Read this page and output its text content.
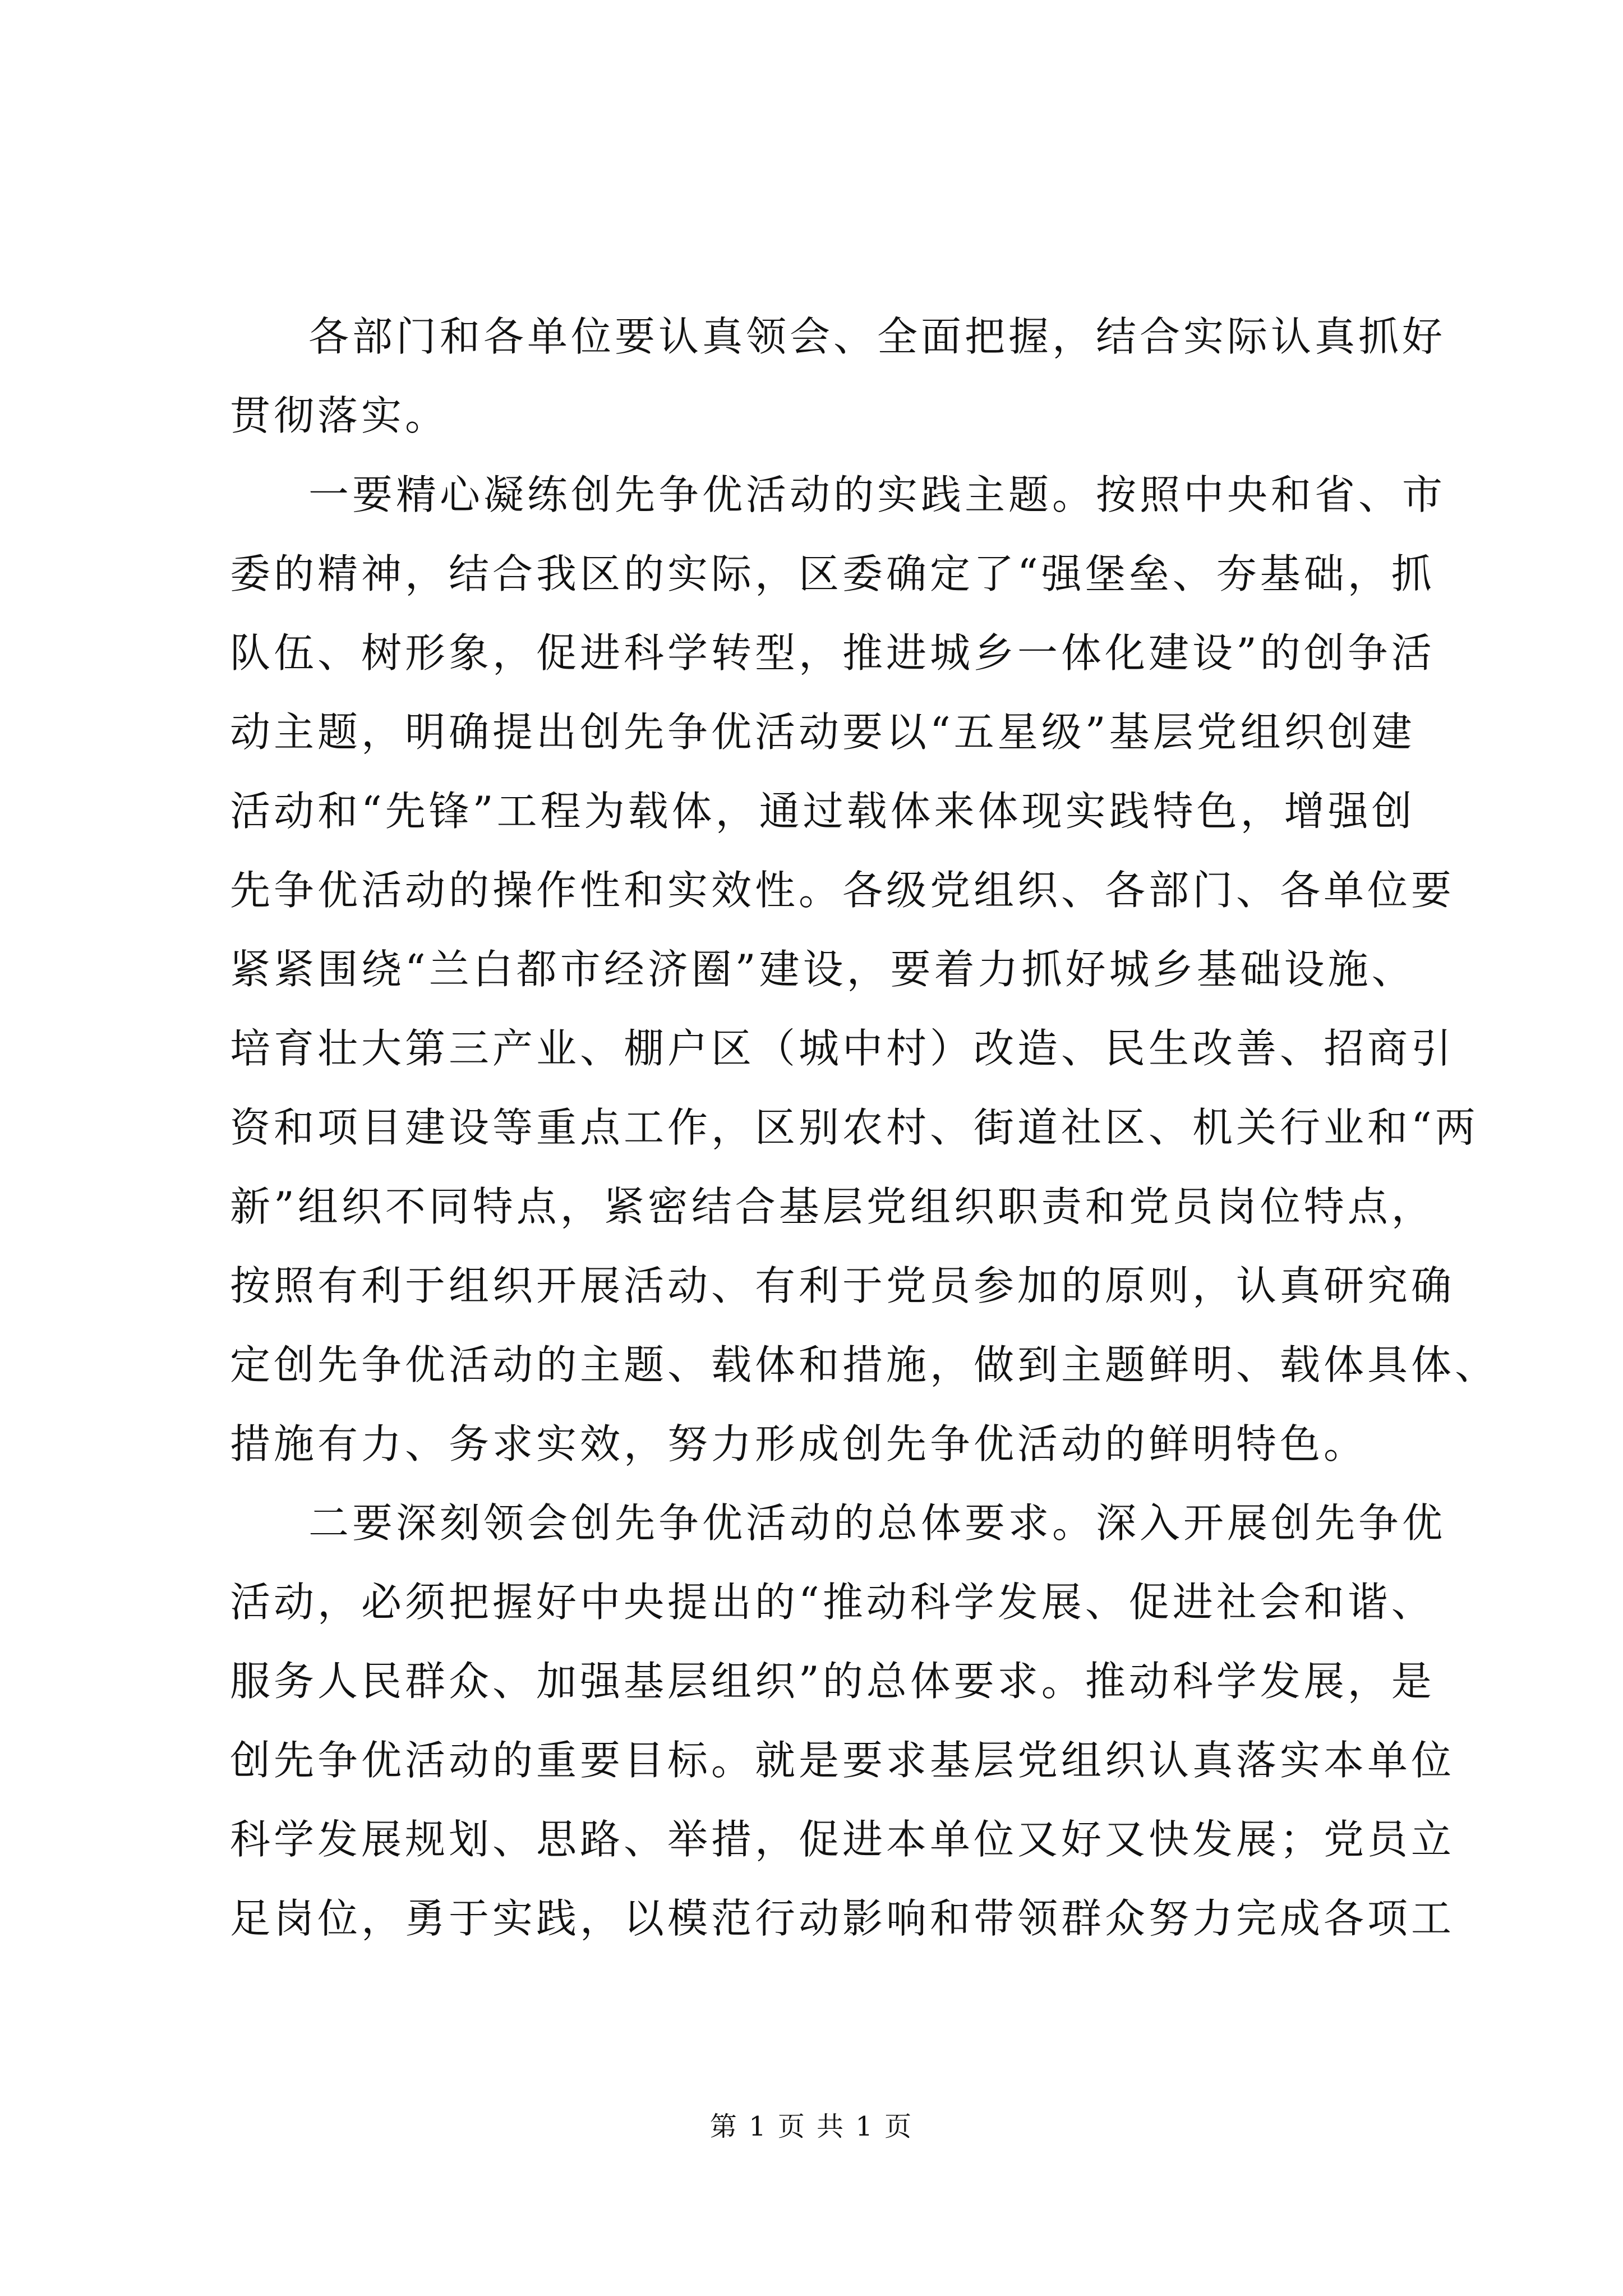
各部门和各单位要认真领会、全面把握，结合实际认真抓好
贯彻落实。
一要精心凝练创先争优活动的实践主题。按照中央和省、市
委的精神，结合我区的实际，区委确定了“强堡垒、夯基础，抓
队伍、树形象，促进科学转型，推进城乡一体化建设”的创争活
动主题，明确提出创先争优活动要以“五星级”基层党组织创建
活动和“先锋”工程为载体，通过载体来体现实践特色，增强创
先争优活动的操作性和实效性。各级党组织、各部门、各单位要
紧紧围绕“兰白都市经济圈”建设，要着力抓好城乡基础设施、
培育壮大第三产业、棚户区（城中村）改造、民生改善、招商引
资和项目建设等重点工作，区别农村、街道社区、机关行业和“两
新”组织不同特点，紧密结合基层党组织职责和党员岗位特点，
按照有利于组织开展活动、有利于党员参加的原则，认真研究确
定创先争优活动的主题、载体和措施，做到主题鲜明、载体具体、
措施有力、务求实效，努力形成创先争优活动的鲜明特色。
二要深刻领会创先争优活动的总体要求。深入开展创先争优
活动，必须把握好中央提出的“推动科学发展、促进社会和谐、
服务人民群众、加强基层组织”的总体要求。推动科学发展，是
创先争优活动的重要目标。就是要求基层党组织认真落实本单位
科学发展规划、思路、举措，促进本单位又好又快发展；党员立
足岗位，勇于实践，以模范行动影响和带领群众努力完成各项工
第 1 页 共 1 页
